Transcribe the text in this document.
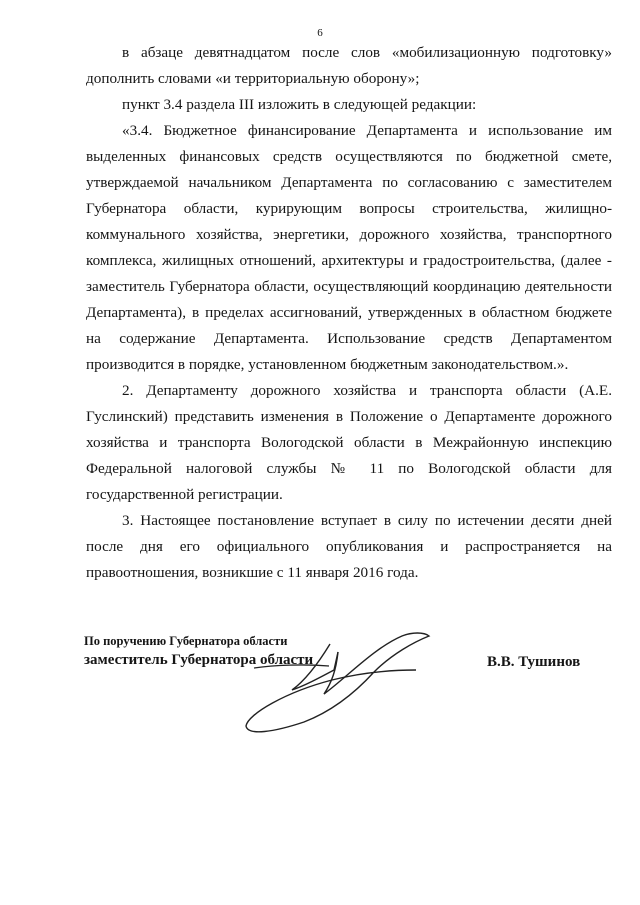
6

в абзаце девятнадцатом после слов «мобилизационную подготовку» дополнить словами «и территориальную оборону»;

пункт 3.4 раздела III изложить в следующей редакции:

«3.4. Бюджетное финансирование Департамента и использование им выделенных финансовых средств осуществляются по бюджетной смете, утверждаемой начальником Департамента по согласованию с заместителем Губернатора области, курирующим вопросы строительства, жилищно-коммунального хозяйства, энергетики, дорожного хозяйства, транспортного комплекса, жилищных отношений, архитектуры и градостроительства, (далее - заместитель Губернатора области, осуществляющий координацию деятельности Департамента), в пределах ассигнований, утвержденных в областном бюджете на содержание Департамента. Использование средств Департаментом производится в порядке, установленном бюджетным законодательством.».

2. Департаменту дорожного хозяйства и транспорта области (А.Е. Гуслинский) представить изменения в Положение о Департаменте дорожного хозяйства и транспорта Вологодской области в Межрайонную инспекцию Федеральной налоговой службы № 11 по Вологодской области для государственной регистрации.

3. Настоящее постановление вступает в силу по истечении десяти дней после дня его официального опубликования и распространяется на правоотношения, возникшие с 11 января 2016 года.

По поручению Губернатора области
заместитель Губернатора области	В.В. Тушинов
